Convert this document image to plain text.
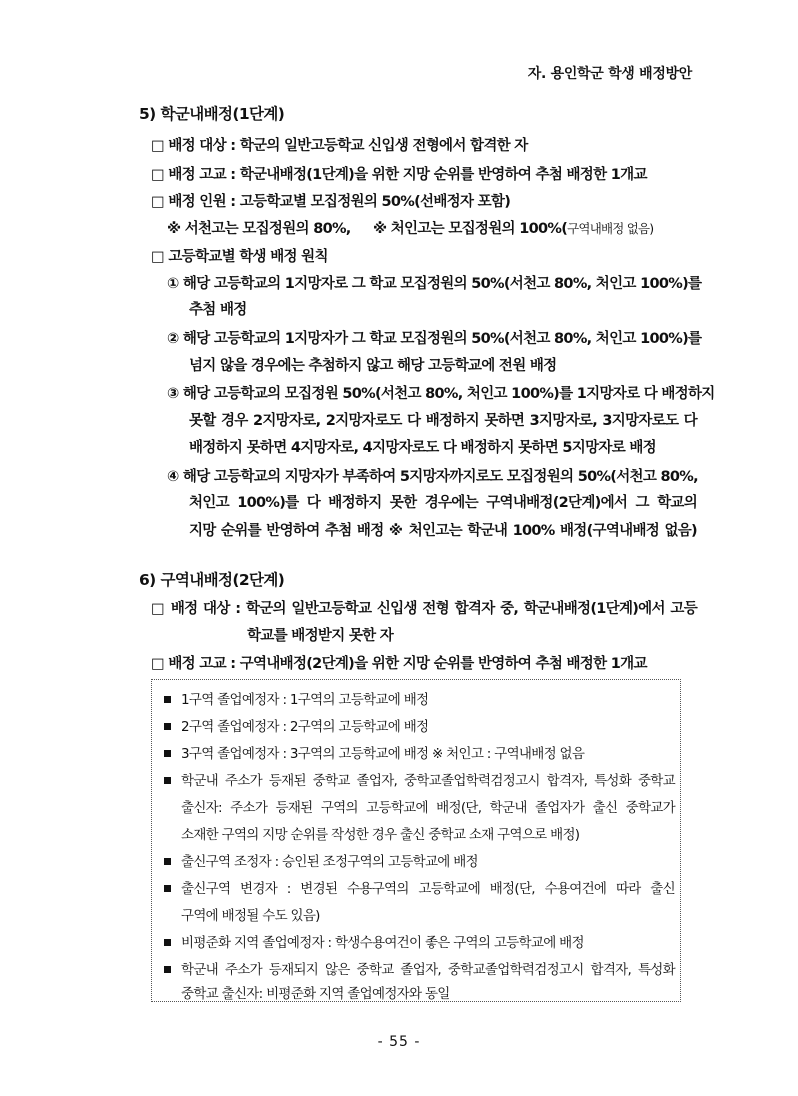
자. 용인학군 학생 배정방안
5) 학군내배정(1단계)
□ 배정 대상 : 학군의 일반고등학교 신입생 전형에서 합격한 자
□ 배정 고교 : 학군내배정(1단계)을 위한 지망 순위를 반영하여 추첨 배정한 1개교
□ 배정 인원 : 고등학교별 모집정원의 50%(선배정자 포함)
※ 서천고는 모집정원의 80%, ※ 처인고는 모집정원의 100%(구역내배정 없음)
□ 고등학교별 학생 배정 원칙
① 해당 고등학교의 1지망자로 그 학교 모집정원의 50%(서천고 80%, 처인고 100%)를
추첨 배정
② 해당 고등학교의 1지망자가 그 학교 모집정원의 50%(서천고 80%, 처인고 100%)를
넘지 않을 경우에는 추첨하지 않고 해당 고등학교에 전원 배정
③ 해당 고등학교의 모집정원 50%(서천고 80%, 처인고 100%)를 1지망자로 다 배정하지
못할 경우 2지망자로, 2지망자로도 다 배정하지 못하면 3지망자로, 3지망자로도 다
배정하지 못하면 4지망자로, 4지망자로도 다 배정하지 못하면 5지망자로 배정
④ 해당 고등학교의 지망자가 부족하여 5지망자까지로도 모집정원의 50%(서천고 80%,
처인고 100%)를 다 배정하지 못한 경우에는 구역내배정(2단계)에서 그 학교의
지망 순위를 반영하여 추첨 배정 ※ 처인고는 학군내 100% 배정(구역내배정 없음)
6) 구역내배정(2단계)
□ 배정 대상 : 학군의 일반고등학교 신입생 전형 합격자 중, 학군내배정(1단계)에서 고등
학교를 배정받지 못한 자
□ 배정 고교 : 구역내배정(2단계)을 위한 지망 순위를 반영하여 추첨 배정한 1개교
1구역 졸업예정자 : 1구역의 고등학교에 배정
2구역 졸업예정자 : 2구역의 고등학교에 배정
3구역 졸업예정자 : 3구역의 고등학교에 배정 ※ 처인고 : 구역내배정 없음
학군내 주소가 등재된 중학교 졸업자, 중학교졸업학력검정고시 합격자, 특성화 중학교
출신자: 주소가 등재된 구역의 고등학교에 배정(단, 학군내 졸업자가 출신 중학교가
소재한 구역의 지망 순위를 작성한 경우 출신 중학교 소재 구역으로 배정)
출신구역 조정자 : 승인된 조정구역의 고등학교에 배정
출신구역 변경자 : 변경된 수용구역의 고등학교에 배정(단, 수용여건에 따라 출신
구역에 배정될 수도 있음)
비평준화 지역 졸업예정자 : 학생수용여건이 좋은 구역의 고등학교에 배정
학군내 주소가 등재되지 않은 중학교 졸업자, 중학교졸업학력검정고시 합격자, 특성화
중학교 출신자: 비평준화 지역 졸업예정자와 동일
- 55 -
